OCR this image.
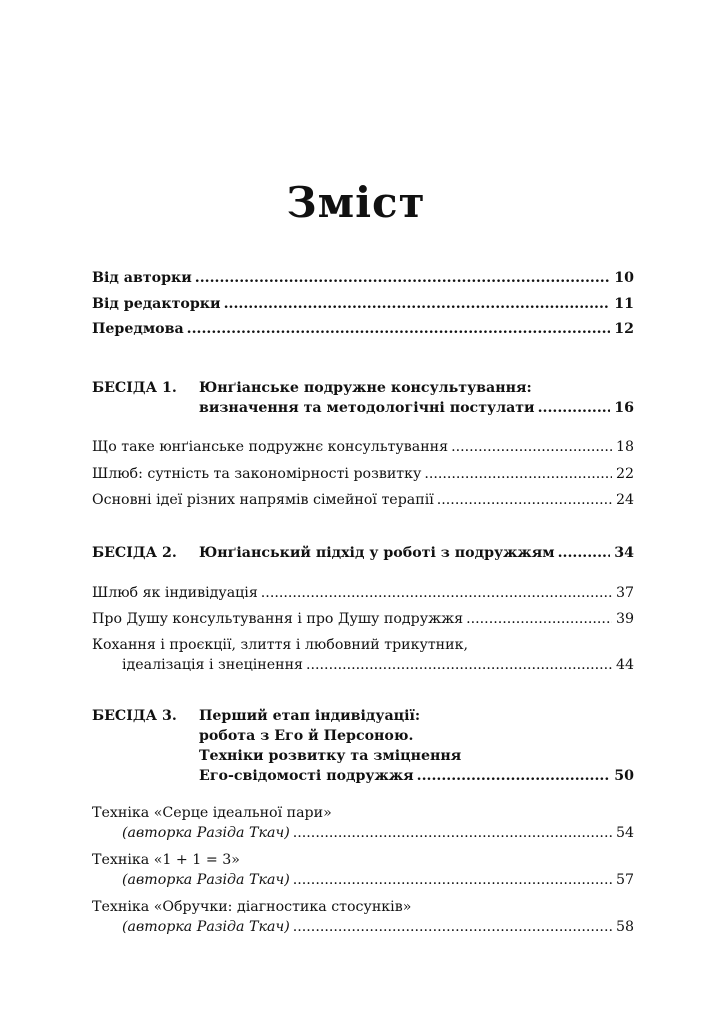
Зміст
Від авторки .....	10
Від редакторки .....	11
Передмова .....	12
БЕСІДА 1. Юнґіанське подружне консультування:
визначення та методологічні постулати .....	16
Що таке юнґіанське подружнє консультування .....	18
Шлюб: сутність та закономірності розвитку .....	22
Основні ідеї різних напрямів сімейної терапії .....	24
БЕСІДА 2. Юнґіанський підхід у роботі з подружжям .....	34
Шлюб як індивідуація .....	37
Про Душу консультування і про Душу подружжя .....	39
Кохання і проєкції, злиття і любовний трикутник,
ідеалізація і знецінення .....	44
БЕСІДА 3. Перший етап індивідуації:
робота з Его й Персоною.
Техніки розвитку та зміцнення
Его-свідомості подружжя .....	50
Техніка «Серце ідеальної пари»
(авторка Разіда Ткач) .....	54
Техніка «1 + 1 = 3»
(авторка Разіда Ткач) .....	57
Техніка «Обручки: діагностика стосунків»
(авторка Разіда Ткач) .....	58
